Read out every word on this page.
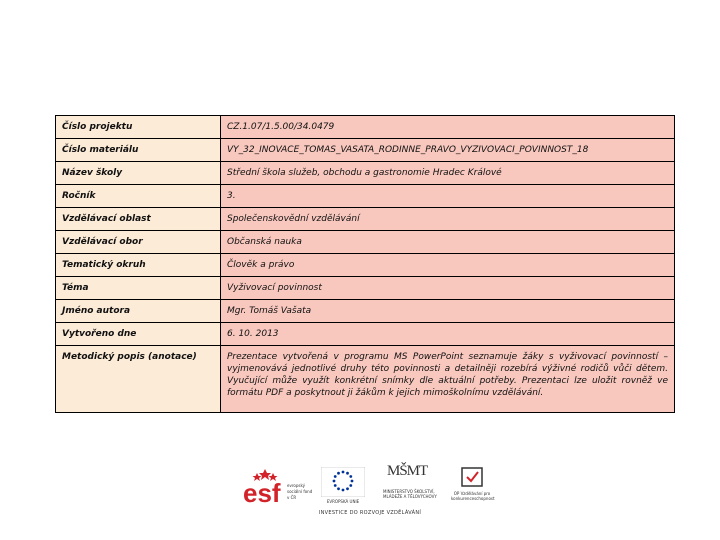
Číslo projektu	CZ.1.07/1.5.00/34.0479
Číslo materiálu	VY_32_INOVACE_TOMAS_VASATA_RODINNE_PRAVO_VYZIVOVACI_POVINNOST_18
Název školy	Střední škola služeb, obchodu a gastronomie Hradec Králové
Ročník	3.
Vzdělávací oblast	Společenskovědní vzdělávání
Vzdělávací obor	Občanská nauka
Tematický okruh	Člověk a právo
Téma	Vyživovací povinnost
Jméno autora	Mgr. Tomáš Vašata
Vytvořeno dne	6. 10. 2013
Metodický popis (anotace)	Prezentace vytvořená v programu MS PowerPoint seznamuje žáky s vyživovací povinností – vyjmenovává jednotlivé druhy této povinnosti a detailněji rozebírá výživné rodičů vůči dětem. Vyučující může využít konkrétní snímky dle aktuální potřeby. Prezentaci lze uložit rovněž ve formátu PDF a poskytnout ji žákům k jejich mimoškolnímu vzdělávání.
esf evropský sociální fond v ČR
EVROPSKÁ UNIE
MŠMT
MINISTERSTVO ŠKOLSTVÍ, MLÁDEŽE A TĚLOVÝCHOVY
OP Vzdělávání pro konkurenceschopnost
INVESTICE DO ROZVOJE VZDĚLÁVÁNÍ
